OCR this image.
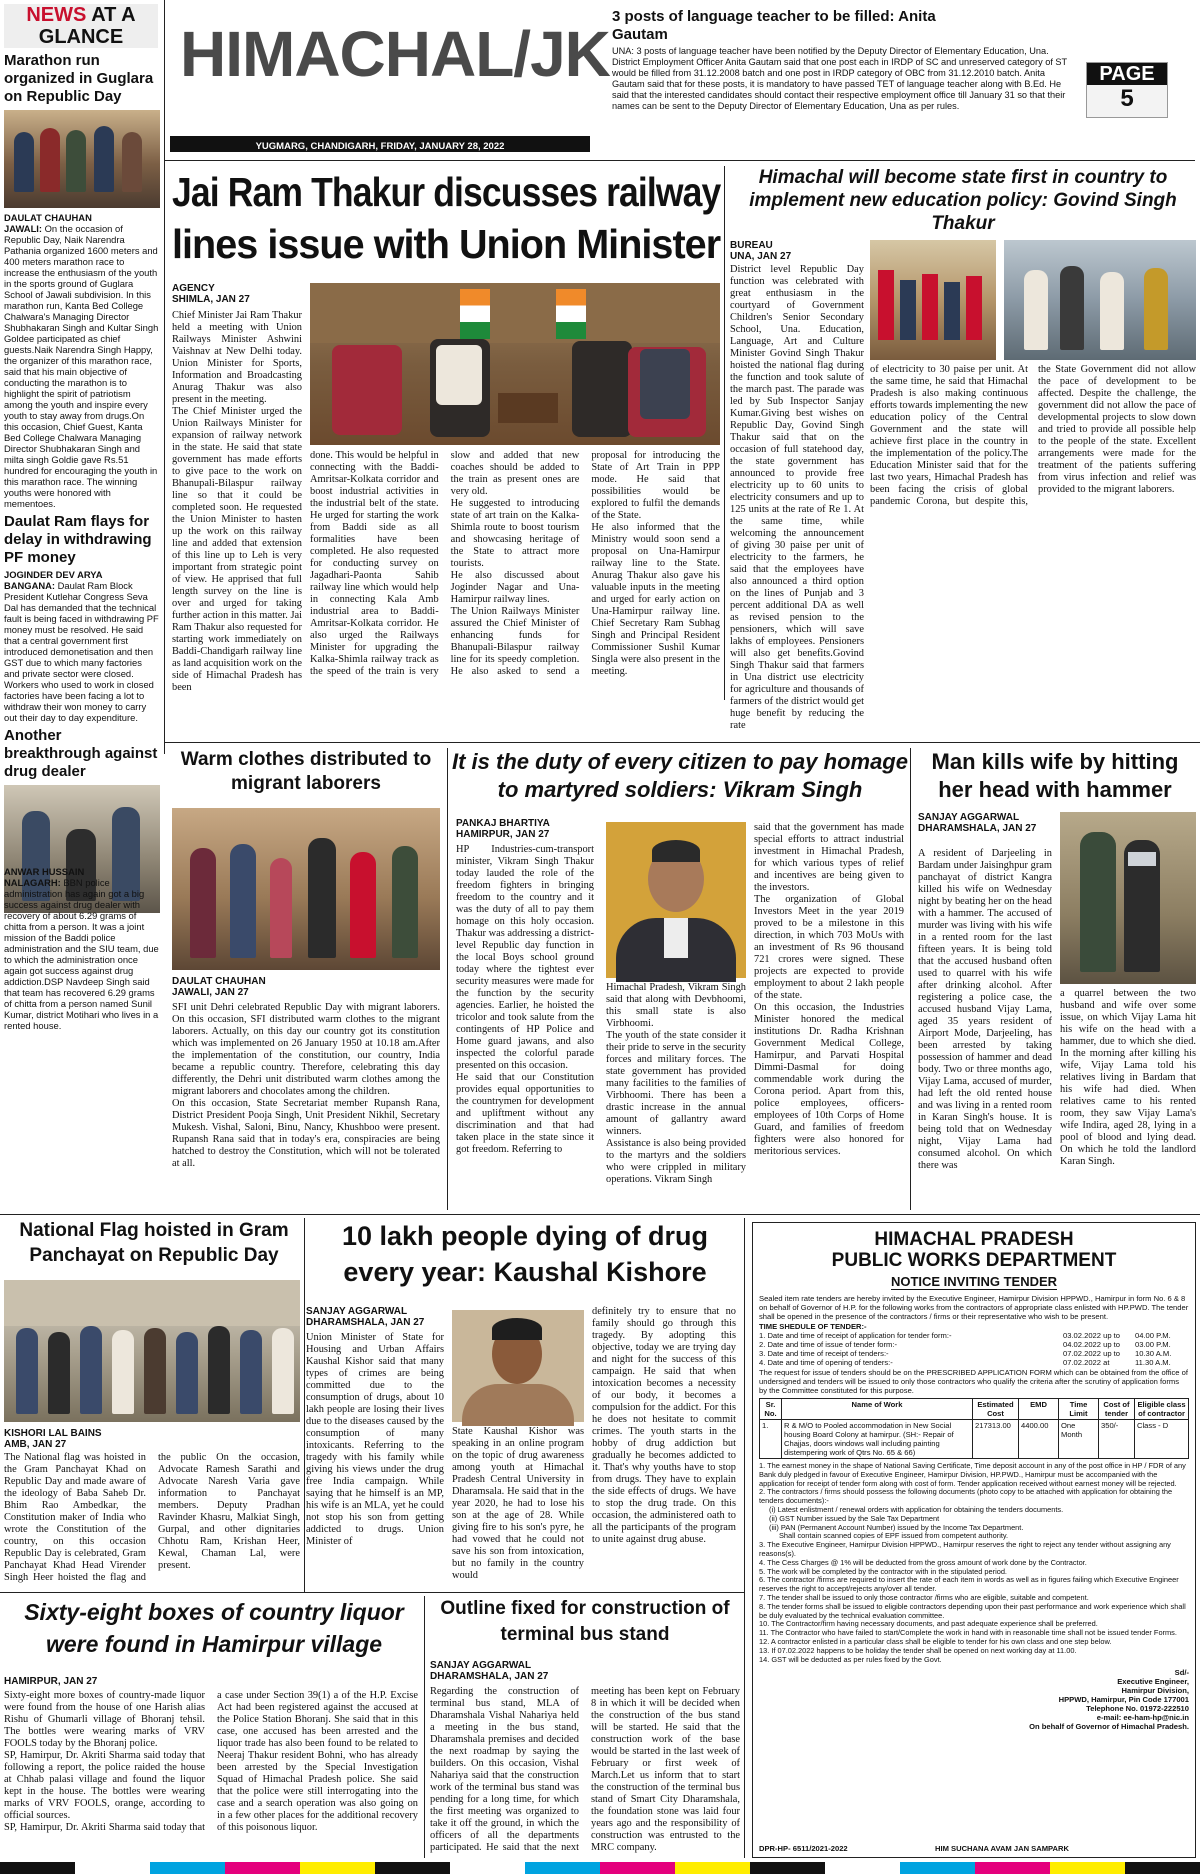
NEWS AT A
GLANCE HIMACHAL/JK
YUGMARG, CHANDIGARH, FRIDAY, JANUARY 28, 2022
3 posts of language teacher to be filled: Anita Gautam
UNA: 3 posts of language teacher have been notified by the Deputy Director of Elementary Education, Una. District Employment Officer Anita Gautam said that one post each in IRDP of SC and unreserved category of ST would be filled from 31.12.2008 batch and one post in IRDP category of OBC from 31.12.2010 batch. Anita Gautam said that for these posts, it is mandatory to have passed TET of language teacher along with B.Ed. He said that the interested candidates should contact their respective employment office till January 31 so that their names can be sent to the Deputy Director of Elementary Education, Una as per rules.
PAGE
5
Marathon run organized in Guglara on Republic Day
DAULAT CHAUHAN
JAWALI: On the occasion of Republic Day, Naik Narendra Pathania organized 1600 meters and 400 meters marathon race to increase the enthusiasm of the youth in the sports ground of Guglara School of Jawali subdivision. In this marathon run, Kanta Bed College Chalwara's Managing Director Shubhakaran Singh and Kultar Singh Goldee participated as chief guests.Naik Narendra Singh Happy, the organizer of this marathon race, said that his main objective of conducting the marathon is to highlight the spirit of patriotism among the youth and inspire every youth to stay away from drugs.On this occasion, Chief Guest, Kanta Bed College Chalwara Managing Director Shubhakaran Singh and milta singh Goldie gave Rs.51 hundred for encouraging the youth in this marathon race. The winning youths were honored with mementoes.
Daulat Ram flays for delay in withdrawing PF money
JOGINDER DEV ARYA
BANGANA: Daulat Ram Block President Kutlehar Congress Seva Dal has demanded that the technical fault is being faced in withdrawing PF money must be resolved. He said that a central government first introduced demonetisation and then GST due to which many factories and private sector were closed. Workers who used to work in closed factories have been facing a lot to withdraw their won money to carry out their day to day expenditure.
Another breakthrough against drug dealer
ANWAR HUSSAIN
NALAGARH: BBN police administration has again got a big success against drug dealer with recovery of about 6.29 grams of chitta from a person. It was a joint mission of the Baddi police administration and the SIU team, due to which the administration once again got success against drug addiction.DSP Navdeep Singh said that team has recovered 6.29 grams of chitta from a person named Sunil Kumar, district Motihari who lives in a rented house.
Jai Ram Thakur discusses railway lines issue with Union Minister
AGENCY
SHIMLA, JAN 27
Chief Minister Jai Ram Thakur held a meeting with Union Railways Minister Ashwini Vaishnav at New Delhi today. Union Minister for Sports, Information and Broadcasting Anurag Thakur was also present in the meeting.
The Chief Minister urged the Union Railways Minister for expansion of railway network in the state. He said that state government has made efforts to give pace to the work on Bhanupali-Bilaspur railway line so that it could be completed soon. He requested the Union Minister to hasten up the work on this railway line and added that extension of this line up to Leh is very important from strategic point of view. He apprised that full length survey on the line is over and urged for taking further action in this matter. Jai Ram Thakur also requested for starting work immediately on Baddi-Chandigarh railway line as land acquisition work on the side of Himachal Pradesh has been
done. This would be helpful in connecting with the Baddi-Amritsar-Kolkata corridor and boost industrial activities in the industrial belt of the state. He urged for starting the work from Baddi side as all formalities have been completed. He also requested for conducting survey on Jagadhari-Paonta Sahib railway line which would help in connecting Kala Amb industrial area to Baddi-Amritsar-Kolkata corridor. He also urged the Railways Minister for upgrading the Kalka-Shimla railway track as the speed of the train is very slow and added that new coaches should be added to the train as present ones are very old.
He suggested to introducing state of art train on the Kalka-Shimla route to boost tourism and showcasing heritage of the State to attract more tourists.
He also discussed about Joginder Nagar and Una-Hamirpur railway lines.
The Union Railways Minister assured the Chief Minister of enhancing funds for Bhanupali-Bilaspur railway line for its speedy completion. He also asked to send a proposal for introducing the State of Art Train in PPP mode. He said that possibilities would be explored to fulfil the demands of the State.
He also informed that the Ministry would soon send a proposal on Una-Hamirpur railway line to the State. Anurag Thakur also gave his valuable inputs in the meeting and urged for early action on Una-Hamirpur railway line. Chief Secretary Ram Subhag Singh and Principal Resident Commissioner Sushil Kumar Singla were also present in the meeting.
Himachal will become state first in country to implement new education policy: Govind Singh Thakur
BUREAU
UNA, JAN 27
District level Republic Day function was celebrated with great enthusiasm in the courtyard of Government Children's Senior Secondary School, Una. Education, Language, Art and Culture Minister Govind Singh Thakur hoisted the national flag during the function and took salute of the march past. The parade was led by Sub Inspector Sanjay Kumar.Giving best wishes on Republic Day, Govind Singh Thakur said that on the occasion of full statehood day, the state government has announced to provide free electricity up to 60 units to electricity consumers and up to 125 units at the rate of Re 1. At the same time, while welcoming the announcement of giving 30 paise per unit of electricity to the farmers, he said that the employees have also announced a third option on the lines of Punjab and 3 percent additional DA as well as revised pension to the pensioners, which will save lakhs of employees. Pensioners will also get benefits.Govind Singh Thakur said that farmers in Una district use electricity for agriculture and thousands of farmers of the district would get huge benefit by reducing the rate
of electricity to 30 paise per unit. At the same time, he said that Himachal Pradesh is also making continuous efforts towards implementing the new education policy of the Central Government and the state will achieve first place in the country in the implementation of the policy.The Education Minister said that for the last two years, Himachal Pradesh has been facing the crisis of global pandemic Corona, but despite this, the State Government did not allow the pace of development to be affected. Despite the challenge, the government did not allow the pace of developmental projects to slow down and tried to provide all possible help to the people of the state. Excellent arrangements were made for the treatment of the patients suffering from virus infection and relief was provided to the migrant laborers.
Warm clothes distributed to migrant laborers
DAULAT CHAUHAN
JAWALI, JAN 27
SFI unit Dehri celebrated Republic Day with migrant laborers. On this occasion, SFI distributed warm clothes to the migrant laborers. Actually, on this day our country got its constitution which was implemented on 26 January 1950 at 10.18 am.After the implementation of the constitution, our country, India became a republic country. Therefore, celebrating this day differently, the Dehri unit distributed warm clothes among the migrant laborers and chocolates among the children.
On this occasion, State Secretariat member Rupansh Rana, District President Pooja Singh, Unit President Nikhil, Secretary Mukesh. Vishal, Saloni, Binu, Nancy, Khushboo were present. Rupansh Rana said that in today's era, conspiracies are being hatched to destroy the Constitution, which will not be tolerated at all.
It is the duty of every citizen to pay homage to martyred soldiers: Vikram Singh
PANKAJ BHARTIYA
HAMIRPUR, JAN 27
HP Industries-cum-transport minister, Vikram Singh Thakur today lauded the role of the freedom fighters in bringing freedom to the country and it was the duty of all to pay them homage on this holy occasion. Thakur was addressing a district-level Republic day function in the local Boys school ground today where the tightest ever security measures were made for the function by the security agencies. Earlier, he hoisted the tricolor and took salute from the contingents of HP Police and Home guard jawans, and also inspected the colorful parade presented on this occasion.
He said that our Constitution provides equal opportunities to the countrymen for development and upliftment without any discrimination and that had taken place in the state since it got freedom. Referring to
Himachal Pradesh, Vikram Singh said that along with Devbhoomi, this small state is also Virbhoomi.
The youth of the state consider it their pride to serve in the security forces and military forces. The state government has provided many facilities to the families of Virbhoomi. There has been a drastic increase in the annual amount of gallantry award winners.
Assistance is also being provided to the martyrs and the soldiers who were crippled in military operations. Vikram Singh
said that the government has made special efforts to attract industrial investment in Himachal Pradesh, for which various types of relief and incentives are being given to the investors.
The organization of Global Investors Meet in the year 2019 proved to be a milestone in this direction, in which 703 MoUs with an investment of Rs 96 thousand 721 crores were signed. These projects are expected to provide employment to about 2 lakh people of the state.
On this occasion, the Industries Minister honored the medical institutions Dr. Radha Krishnan Government Medical College, Hamirpur, and Parvati Hospital Dimmi-Dasmal for doing commendable work during the Corona period. Apart from this, police employees, officers-employees of 10th Corps of Home Guard, and families of freedom fighters were also honored for meritorious services.
Man kills wife by hitting her head with hammer
SANJAY AGGARWAL
DHARAMSHALA, JAN 27
A resident of Darjeeling in Bardam under Jaisinghpur gram panchayat of district Kangra killed his wife on Wednesday night by beating her on the head with a hammer. The accused of murder was living with his wife in a rented room for the last fifteen years. It is being told that the accused husband often used to quarrel with his wife after drinking alcohol. After registering a police case, the accused husband Vijay Lama, aged 35 years resident of Airport Mode, Darjeeling, has been arrested by taking possession of hammer and dead body. Two or three months ago, Vijay Lama, accused of murder, had left the old rented house and was living in a rented room in Karan Singh's house. It is being told that on Wednesday night, Vijay Lama had consumed alcohol. On which there was
a quarrel between the two husband and wife over some issue, on which Vijay Lama hit his wife on the head with a hammer, due to which she died. In the morning after killing his wife, Vijay Lama told his relatives living in Bardam that his wife had died. When relatives came to his rented room, they saw Vijay Lama's wife Indira, aged 28, lying in a pool of blood and lying dead. On which he told the landlord Karan Singh.
National Flag hoisted in Gram Panchayat on Republic Day
KISHORI LAL BAINS
AMB, JAN 27
The National flag was hoisted in the Gram Panchayat Khad on Republic Day and made aware of the ideology of Baba Saheb Dr. Bhim Rao Ambedkar, the Constitution maker of India who wrote the Constitution of the country, on this occasion Republic Day is celebrated, Gram Panchayat Khad Head Virender Singh Heer hoisted the flag and the public On the occasion, Advocate Ramesh Sarathi and Advocate Naresh Varia gave information to Panchayat members. Deputy Pradhan Ravinder Khasru, Malkiat Singh, Gurpal, and other dignitaries Chhotu Ram, Krishan Heer, Kewal, Chaman Lal, were present.
10 lakh people dying of drug
every year: Kaushal Kishore
SANJAY AGGARWAL
DHARAMSHALA, JAN 27
Union Minister of State for Housing and Urban Affairs Kaushal Kishor said that many types of crimes are being committed due to the consumption of drugs, about 10 lakh people are losing their lives due to the diseases caused by the consumption of many intoxicants. Referring to the tragedy with his family while giving his views under the drug free India campaign. While saying that he himself is an MP, his wife is an MLA, yet he could not stop his son from getting addicted to drugs. Union Minister of
State Kaushal Kishor was speaking in an online program on the topic of drug awareness among youth at Himachal Pradesh Central University in Dharamsala. He said that in the year 2020, he had to lose his son at the age of 28. While giving fire to his son's pyre, he had vowed that he could not save his son from intoxication, but no family in the country would
definitely try to ensure that no family should go through this tragedy. By adopting this objective, today we are trying day and night for the success of this campaign. He said that when intoxication becomes a necessity of our body, it becomes a compulsion for the addict. For this he does not hesitate to commit crimes. The youth starts in the hobby of drug addiction but gradually he becomes addicted to it. That's why youths have to stop from drugs. They have to explain the side effects of drugs. We have to stop the drug trade. On this occasion, the administered oath to all the participants of the program to unite against drug abuse.
Sixty-eight boxes of country liquor
were found in Hamirpur village
HAMIRPUR, JAN 27
Sixty-eight more boxes of country-made liquor were found from the house of one Harish alias Rishu of Ghumarli village of Bhoranj tehsil. The bottles were wearing marks of VRV FOOLS today by the Bhoranj police.
SP, Hamirpur, Dr. Akriti Sharma said today that following a report, the police raided the house at Chhab palasi village and found the liquor kept in the house. The bottles were wearing marks of VRV FOOLS, orange, according to official sources.
SP, Hamirpur, Dr. Akriti Sharma said today that a case under Section 39(1) a of the H.P. Excise Act had been registered against the accused at the Police Station Bhoranj. She said that in this case, one accused has been arrested and the liquor trade has also been found to be related to Neeraj Thakur resident Bohni, who has already been arrested by the Special Investigation Squad of Himachal Pradesh police. She said that the police were still interrogating into the case and a search operation was also going on in a few other places for the additional recovery of this poisonous liquor.
Outline fixed for construction of terminal bus stand
SANJAY AGGARWAL
DHARAMSHALA, JAN 27
Regarding the construction of terminal bus stand, MLA of Dharamshala Vishal Nahariya held a meeting in the bus stand, Dharamshala premises and decided the next roadmap by saying the builders. On this occasion, Vishal Nahariya said that the construction work of the terminal bus stand was pending for a long time, for which the first meeting was organized to take it off the ground, in which the officers of all the departments participated. He said that the next meeting has been kept on February 8 in which it will be decided when the construction of the bus stand will be started. He said that the construction work of the base would be started in the last week of February or first week of March.Let us inform that to start the construction of the terminal bus stand of Smart City Dharamshala, the foundation stone was laid four years ago and the responsibility of construction was entrusted to the MRC company.
HIMACHAL PRADESH
PUBLIC WORKS DEPARTMENT
NOTICE INVITING TENDER
Sealed item rate tenders are hereby invited by the Executive Engineer, Hamirpur Division HPPWD., Hamirpur in form No. 6 & 8 on behalf of Governor of H.P. for the following works from the contractors of appropriate class enlisted with HP.PWD. The tender shall be opened in the presence of the contractors / firms or their representative who wish to be present.
TIME SHEDULE OF TENDER:-
1. Date and time of receipt of application for tender form:-	03.02.2022 up to	04.00 P.M.
2. Date and time of issue of tender form:-	04.02.2022 up to	03.00 P.M.
3. Date and time of receipt of tenders:-	07.02.2022 up to	10.30 A.M.
4. Date and time of opening of tenders:-	07.02.2022 at	11.30 A.M.
The request for issue of tenders should be on the PRESCRIBED APPLICATION FORM which can be obtained from the office of undersigned and tenders will be issued to only those contractors who qualify the criteria after the scrutiny of application forms by the Committee constituted for this purpose.
Sr. No.	Name of Work	Estimated Cost	EMD	Time Limit	Cost of tender	Eligible class of contractor
1.	R & M/O to Pooled accommodation in New Social housing Board Colony at hamirpur. (SH:- Repair of Chajjas, doors windows wall including painting distempering work of Qtrs No. 65 & 66)	217313.00	4400.00	One Month	350/-	Class - D
1. The earnest money in the shape of National Saving Certificate, Time deposit account in any of the post office in HP / FDR of any Bank duly pledged in favour of Executive Engineer, Hamirpur Division, HP.PWD., Hamirpur must be accompanied with the application for receipt of tender form along with cost of form. Tender application received without earnest money will be rejected.
2. The contractors / firms should possess the following documents (photo copy to be attached with application for obtaining the tenders documents):-
(i) Latest enlistment / renewal orders with application for obtaining the tenders documents.
(ii) GST Number issued by the Sale Tax Department
(iii) PAN (Permanent Account Number) issued by the Income Tax Department.
Shall contain scanned copies of EPF issued from competent authority.
3. The Executive Engineer, Hamirpur Division HPPWD., Hamirpur reserves the right to reject any tender without assigning any reasons(s).
4. The Cess Charges @ 1% will be deducted from the gross amount of work done by the Contractor.
5. The work will be completed by the contractor with in the stipulated period.
6. The contractor /firms are required to insert the rate of each item in words as well as in figures failing which Executive Engineer reserves the right to accept/rejects any/over all tender.
7. The tender shall be issued to only those contractor /firms who are eligible, suitable and competent.
8. The tender forms shall be issued to eligible contractors depending upon their past performance and work experience which shall be duly evaluated by the technical evaluation committee.
10. The Contractor/firm having necessary documents, and past adequate experience shall be preferred.
11. The Contractor who have failed to start/Complete the work in hand with in reasonable time shall not be issued tender Forms.
12. A contractor enlisted in a particular class shall be eligible to tender for his own class and one step below.
13. If 07.02.2022 happens to be holiday the tender shall be opened on next working day at 11.00.
14. GST will be deducted as per rules fixed by the Govt.
Sd/-
Executive Engineer,
Hamirpur Division,
HPPWD, Hamirpur, Pin Code 177001
Telephone No. 01972-222510
e-mail: ee-ham-hp@nic.in
On behalf of Governor of Himachal Pradesh.
DPR-HP- 6511/2021-2022	HIM SUCHANA AVAM JAN SAMPARK
